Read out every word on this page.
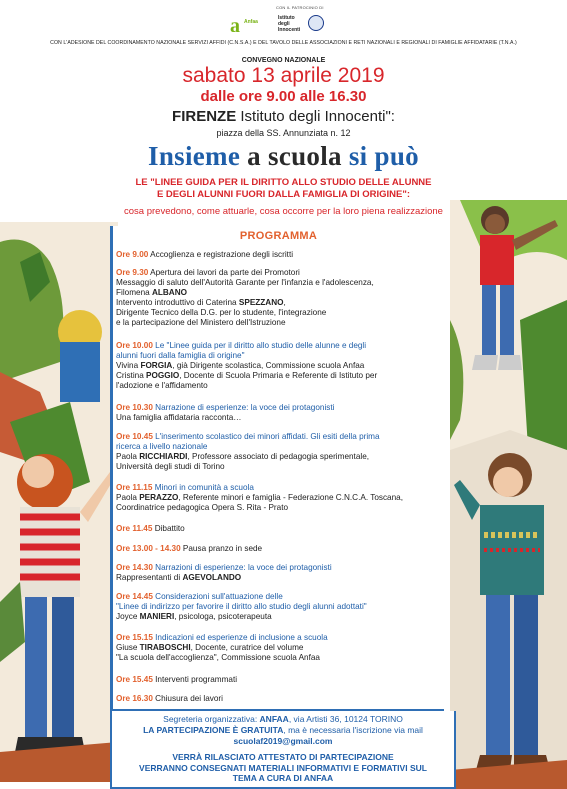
CON IL PATROCINIO DI
a Anfaa
Istituto degli Innocenti
CON L'ADESIONE DEL COORDINAMENTO NAZIONALE SERVIZI AFFIDI (C.N.S.A.) E DEL TAVOLO DELLE ASSOCIAZIONI E RETI NAZIONALI E REGIONALI DI FAMIGLIE AFFIDATARIE (T.N.A.)
CONVEGNO NAZIONALE
sabato 13 aprile 2019
dalle ore 9.00 alle 16.30
FIRENZE Istituto degli Innocenti":
piazza della SS. Annunziata n. 12
Insieme a scuola si può
LE "LINEE GUIDA PER IL DIRITTO ALLO STUDIO DELLE ALUNNE
E DEGLI ALUNNI FUORI DALLA FAMIGLIA DI ORIGINE":
cosa prevedono, come attuarle, cosa occorre per la loro piena realizzazione
PROGRAMMA
Ore 9.00 Accoglienza e registrazione degli iscritti
Ore 9.30 Apertura dei lavori da parte dei Promotori
Messaggio di saluto dell'Autorità Garante per l'infanzia e l'adolescenza,
Filomena ALBANO
Intervento introduttivo di Caterina SPEZZANO,
Dirigente Tecnico della D.G. per lo studente, l'integrazione
e la partecipazione del Ministero dell'Istruzione
Ore 10.00 Le "Linee guida per il diritto allo studio delle alunne e degli
alunni fuori dalla famiglia di origine"
Vivina FORGIA, già Dirigente scolastica, Commissione scuola Anfaa
Cristina POGGIO, Docente di Scuola Primaria e Referente di Istituto per
l'adozione e l'affidamento
Ore 10.30 Narrazione di esperienze: la voce dei protagonisti
Una famiglia affidataria racconta…
Ore 10.45 L'inserimento scolastico dei minori affidati. Gli esiti della prima
ricerca a livello nazionale
Paola RICCHIARDI, Professore associato di pedagogia sperimentale,
Università degli studi di Torino
Ore 11.15 Minori in comunità a scuola
Paola PERAZZO, Referente minori e famiglia - Federazione C.N.C.A. Toscana,
Coordinatrice pedagogica Opera S. Rita - Prato
Ore 11.45 Dibattito
Ore 13.00 - 14.30 Pausa pranzo in sede
Ore 14.30 Narrazioni di esperienze: la voce dei protagonisti
Rappresentanti di AGEVOLANDO
Ore 14.45 Considerazioni sull'attuazione delle
"Linee di indirizzo per favorire il diritto allo studio degli alunni adottati"
Joyce MANIERI, psicologa, psicoterapeuta
Ore 15.15 Indicazioni ed esperienze di inclusione a scuola
Giuse TIRABOSCHI, Docente, curatrice del volume
"La scuola dell'accoglienza", Commissione scuola Anfaa
Ore 15.45 Interventi programmati
Ore 16.30 Chiusura dei lavori
Segreteria organizzativa: ANFAA, via Artisti 36, 10124 TORINO
LA PARTECIPAZIONE È GRATUITA, ma è necessaria l'iscrizione via mail
scuolaf2019@gmail.com
VERRÀ RILASCIATO ATTESTATO DI PARTECIPAZIONE
VERRANNO CONSEGNATI MATERIALI INFORMATIVI E FORMATIVI SUL
TEMA A CURA DI ANFAA
